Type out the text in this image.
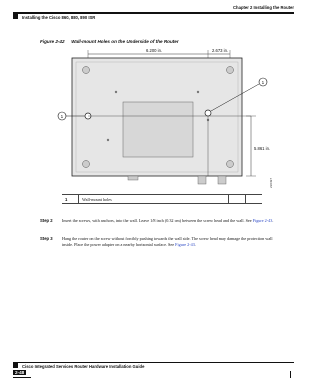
Chapter 2 Installing the Router
Installing the Cisco 860, 880, 890 ISR
Figure 2-42 Wall-mount Holes on the Underside of the Router
6.200 in.	2.673 in.
5.861 in.
1
1
230497
1	Wall-mount holes		
Step 2 Insert the screws, with anchors, into the wall. Leave 1/8 inch (0.32 cm) between the screw head and the wall. See Figure 2-43.
Step 3 Hang the router on the screw without forcibly pushing towards the wall side. The screw head may damage the protection wall inside. Place the power adapter on a nearby horizontal surface. See Figure 2-43.
Cisco Integrated Services Router Hardware Installation Guide
2-48
